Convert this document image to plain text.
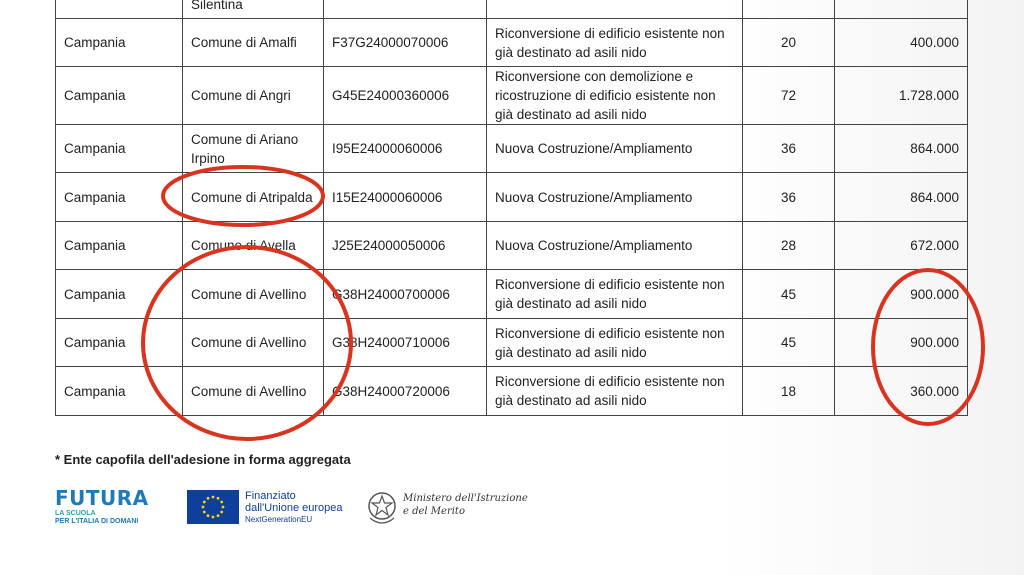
	Silentina				
Campania	Comune di Amalfi	F37G24000070006	Riconversione di edificio esistente non già destinato ad asili nido	20	400.000
Campania	Comune di Angri	G45E24000360006	Riconversione con demolizione e ricostruzione di edificio esistente non già destinato ad asili nido	72	1.728.000
Campania	Comune di Ariano Irpino	I95E24000060006	Nuova Costruzione/Ampliamento	36	864.000
Campania	Comune di Atripalda	I15E24000060006	Nuova Costruzione/Ampliamento	36	864.000
Campania	Comune di Avella	J25E24000050006	Nuova Costruzione/Ampliamento	28	672.000
Campania	Comune di Avellino	G38H24000700006	Riconversione di edificio esistente non già destinato ad asili nido	45	900.000
Campania	Comune di Avellino	G38H24000710006	Riconversione di edificio esistente non già destinato ad asili nido	45	900.000
Campania	Comune di Avellino	G38H24000720006	Riconversione di edificio esistente non già destinato ad asili nido	18	360.000
* Ente capofila dell'adesione in forma aggregata
FUTURA
LA SCUOLA
PER L'ITALIA DI DOMANI
Finanziato
dall'Unione europea
NextGenerationEU
Ministero dell'Istruzione
e del Merito
